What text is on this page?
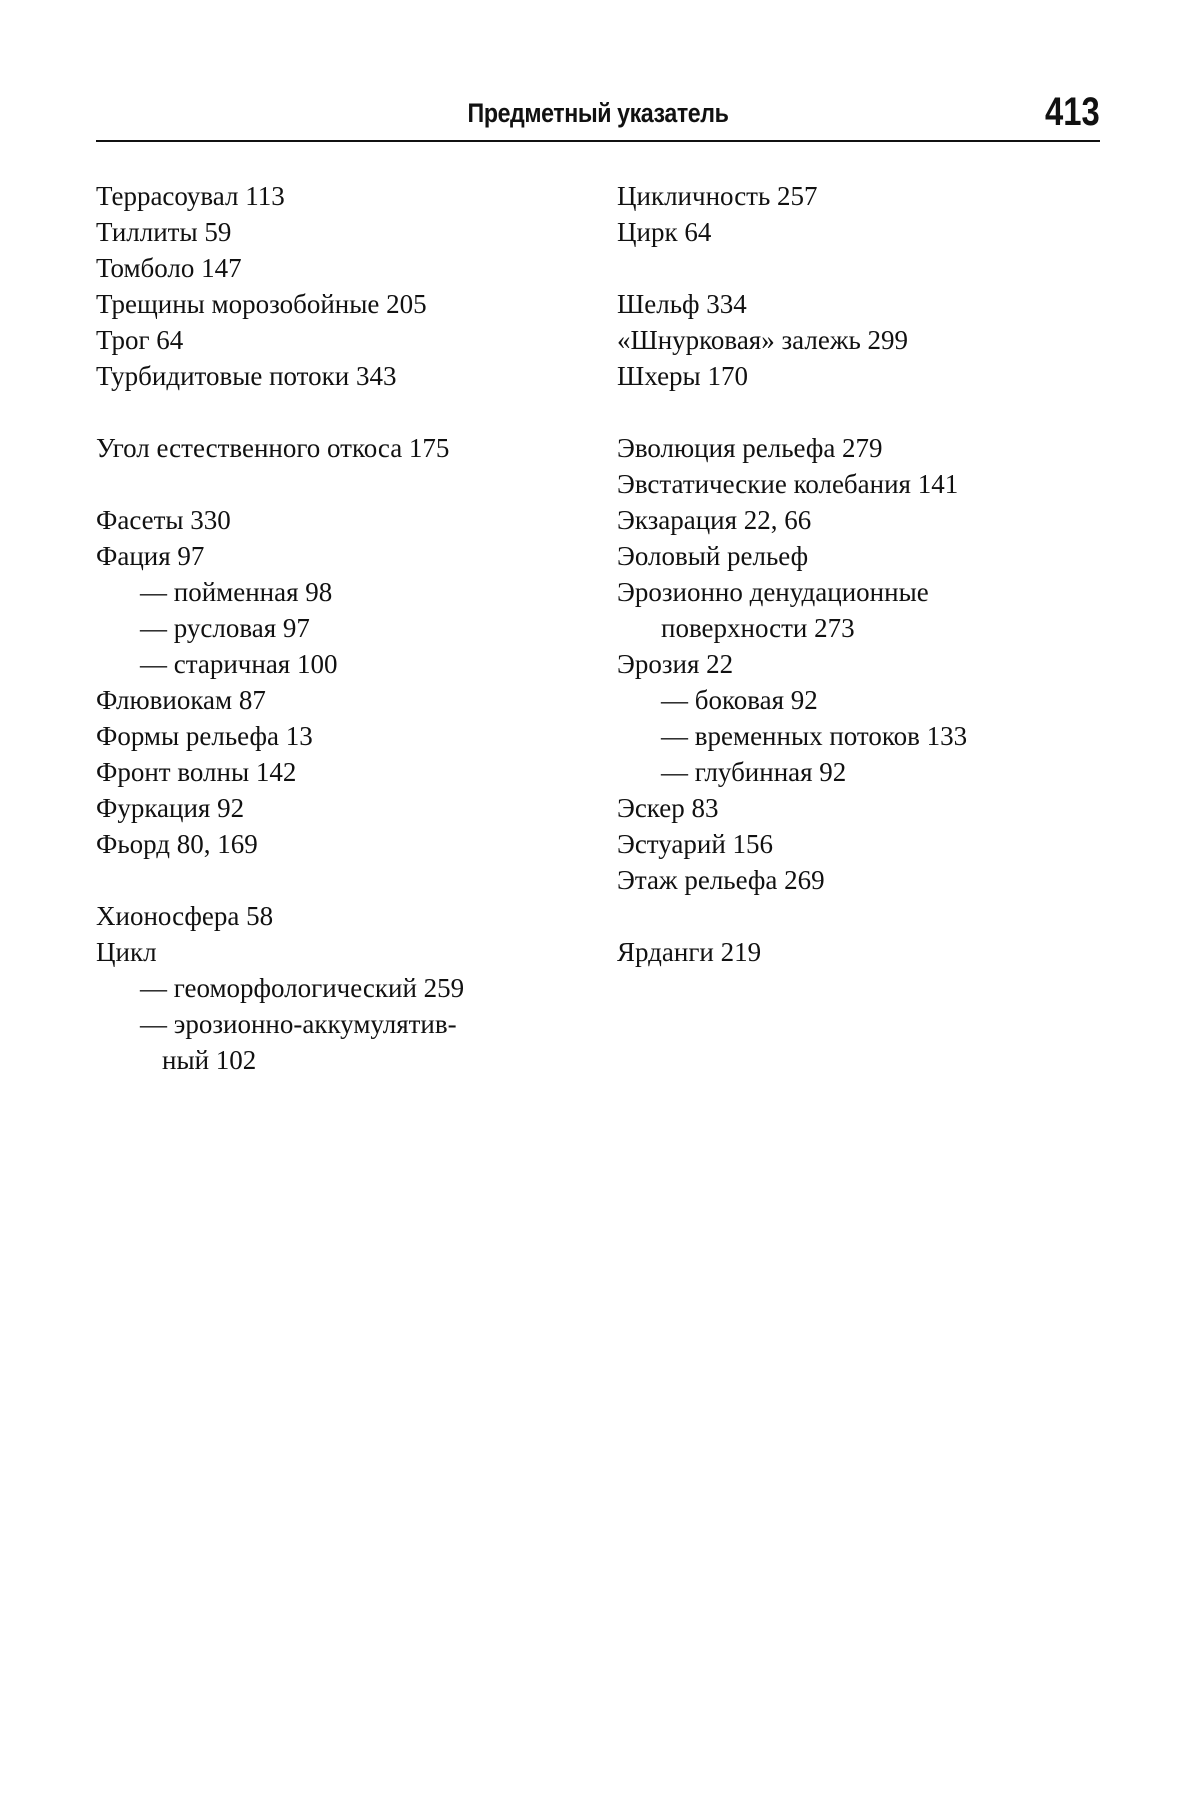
Предметный указатель	413
Террасоувал 113
Тиллиты 59
Томболо 147
Трещины морозобойные 205
Трог 64
Турбидитовые потоки 343
Угол естественного откоса 175
Фасеты 330
Фация 97
— пойменная 98
— русловая 97
— старичная 100
Флювиокам 87
Формы рельефа 13
Фронт волны 142
Фуркация 92
Фьорд 80, 169
Хионосфера 58
Цикл
— геоморфологический 259
— эрозионно-аккумулятив-
ный 102
Цикличность 257
Цирк 64
Шельф 334
«Шнурковая» залежь 299
Шхеры 170
Эволюция рельефа 279
Эвстатические колебания 141
Экзарация 22, 66
Эоловый рельеф
Эрозионно денудационные
поверхности 273
Эрозия 22
— боковая 92
— временных потоков 133
— глубинная 92
Эскер 83
Эстуарий 156
Этаж рельефа 269
Ярданги 219
